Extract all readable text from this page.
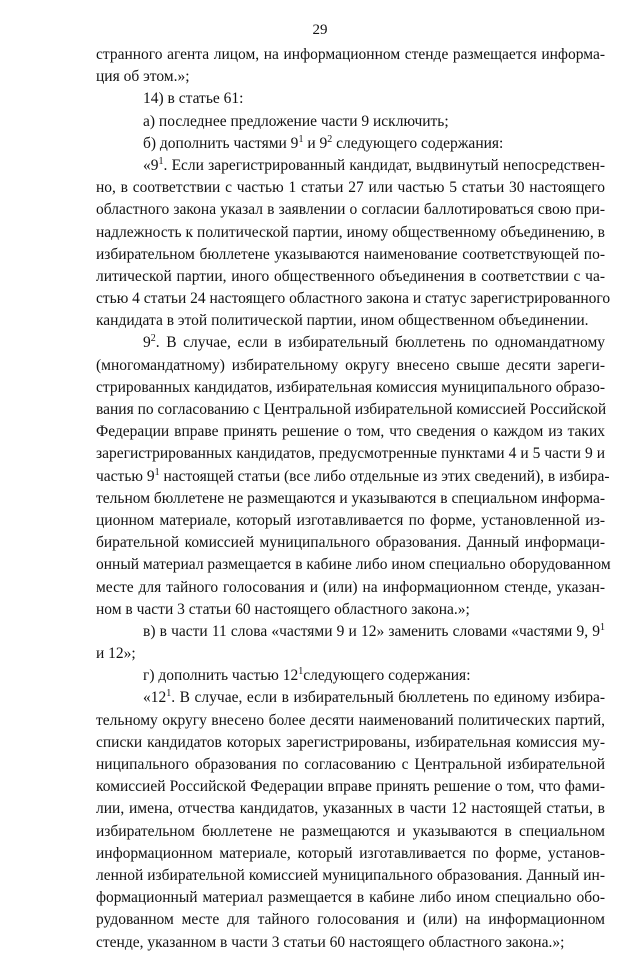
29
странного агента лицом, на информационном стенде размещается информа-
ция об этом.»;
14) в статье 61:
а) последнее предложение части 9 исключить;
б) дополнить частями $9^1$ и $9^2$ следующего содержания:
«$9^1$. Если зарегистрированный кандидат, выдвинутый непосредствен-
но, в соответствии с частью 1 статьи 27 или частью 5 статьи 30 настоящего
областного закона указал в заявлении о согласии баллотироваться свою при-
надлежность к политической партии, иному общественному объединению, в
избирательном бюллетене указываются наименование соответствующей по-
литической партии, иного общественного объединения в соответствии с ча-
стью 4 статьи 24 настоящего областного закона и статус зарегистрированного
кандидата в этой политической партии, ином общественном объединении.
$9^2$. В случае, если в избирательный бюллетень по одномандатному
(многомандатному) избирательному округу внесено свыше десяти зареги-
стрированных кандидатов, избирательная комиссия муниципального образо-
вания по согласованию с Центральной избирательной комиссией Российской
Федерации вправе принять решение о том, что сведения о каждом из таких
зарегистрированных кандидатов, предусмотренные пунктами 4 и 5 части 9 и
частью $9^1$ настоящей статьи (все либо отдельные из этих сведений), в избира-
тельном бюллетене не размещаются и указываются в специальном информа-
ционном материале, который изготавливается по форме, установленной из-
бирательной комиссией муниципального образования. Данный информаци-
онный материал размещается в кабине либо ином специально оборудованном
месте для тайного голосования и (или) на информационном стенде, указан-
ном в части 3 статьи 60 настоящего областного закона.»;
в) в части 11 слова «частями 9 и 12» заменить словами «частями 9, $9^1$
и 12»;
г) дополнить частью $12^1следующего$ содержания:
«$12^1$. В случае, если в избирательный бюллетень по единому избира-
тельному округу внесено более десяти наименований политических партий,
списки кандидатов которых зарегистрированы, избирательная комиссия му-
ниципального образования по согласованию с Центральной избирательной
комиссией Российской Федерации вправе принять решение о том, что фами-
лии, имена, отчества кандидатов, указанных в части 12 настоящей статьи, в
избирательном бюллетене не размещаются и указываются в специальном
информационном материале, который изготавливается по форме, установ-
ленной избирательной комиссией муниципального образования. Данный ин-
формационный материал размещается в кабине либо ином специально обо-
рудованном месте для тайного голосования и (или) на информационном
стенде, указанном в части 3 статьи 60 настоящего областного закона.»;
